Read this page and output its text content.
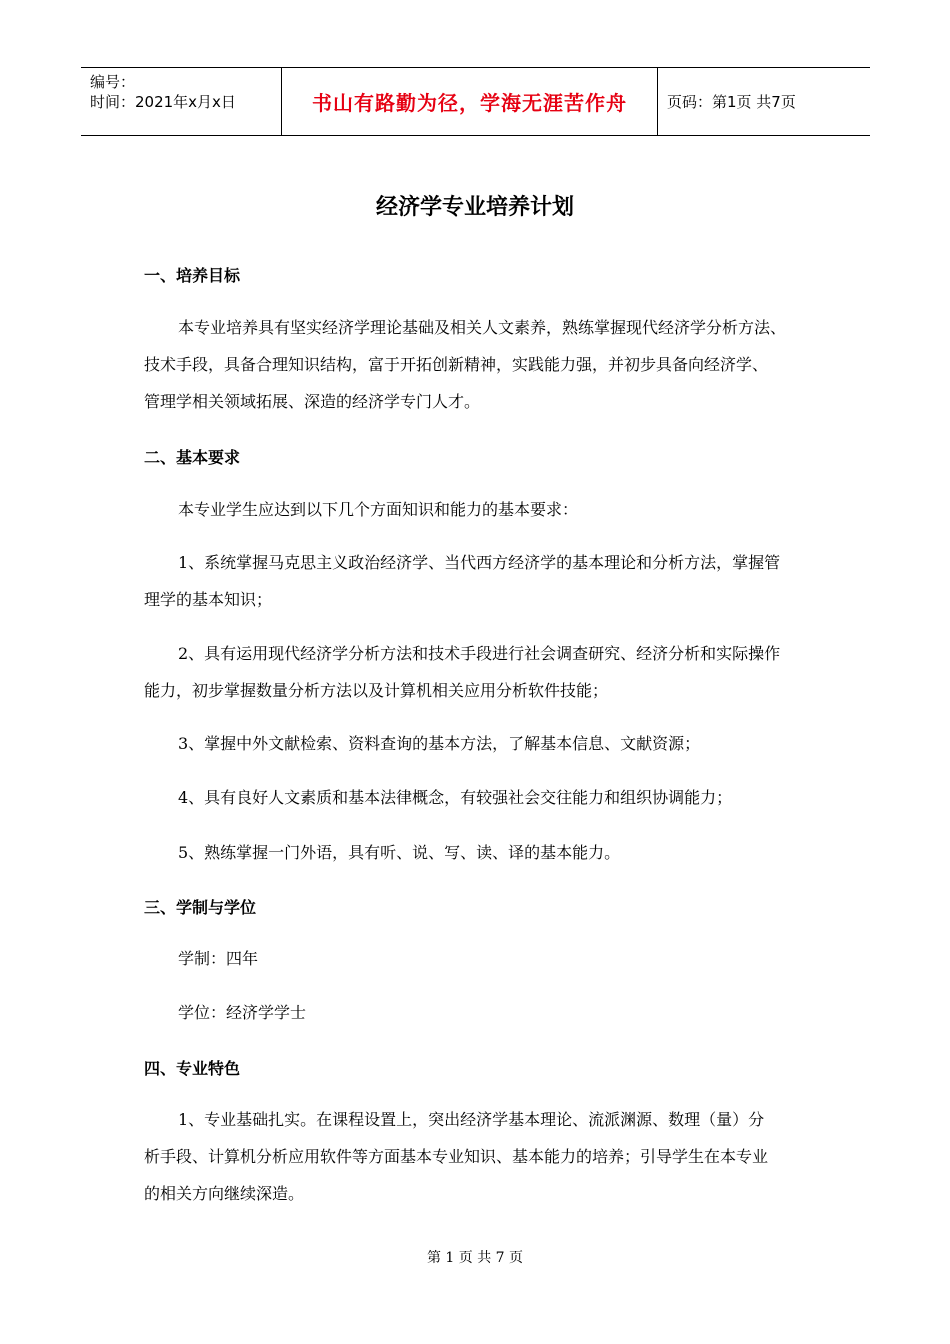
编号：
时间：2021年x月x日	书山有路勤为径，学海无涯苦作舟	页码：第1页 共7页
经济学专业培养计划
一、培养目标
本专业培养具有坚实经济学理论基础及相关人文素养，熟练掌握现代经济学分析方法、
技术手段，具备合理知识结构，富于开拓创新精神，实践能力强，并初步具备向经济学、
管理学相关领域拓展、深造的经济学专门人才。
二、基本要求
本专业学生应达到以下几个方面知识和能力的基本要求：
1、系统掌握马克思主义政治经济学、当代西方经济学的基本理论和分析方法，掌握管
理学的基本知识；
2、具有运用现代经济学分析方法和技术手段进行社会调查研究、经济分析和实际操作
能力，初步掌握数量分析方法以及计算机相关应用分析软件技能；
3、掌握中外文献检索、资料查询的基本方法，了解基本信息、文献资源；
4、具有良好人文素质和基本法律概念，有较强社会交往能力和组织协调能力；
5、熟练掌握一门外语，具有听、说、写、读、译的基本能力。
三、学制与学位
学制：四年
学位：经济学学士
四、专业特色
1、专业基础扎实。在课程设置上，突出经济学基本理论、流派渊源、数理（量）分
析手段、计算机分析应用软件等方面基本专业知识、基本能力的培养；引导学生在本专业
的相关方向继续深造。
第 1 页 共 7 页
